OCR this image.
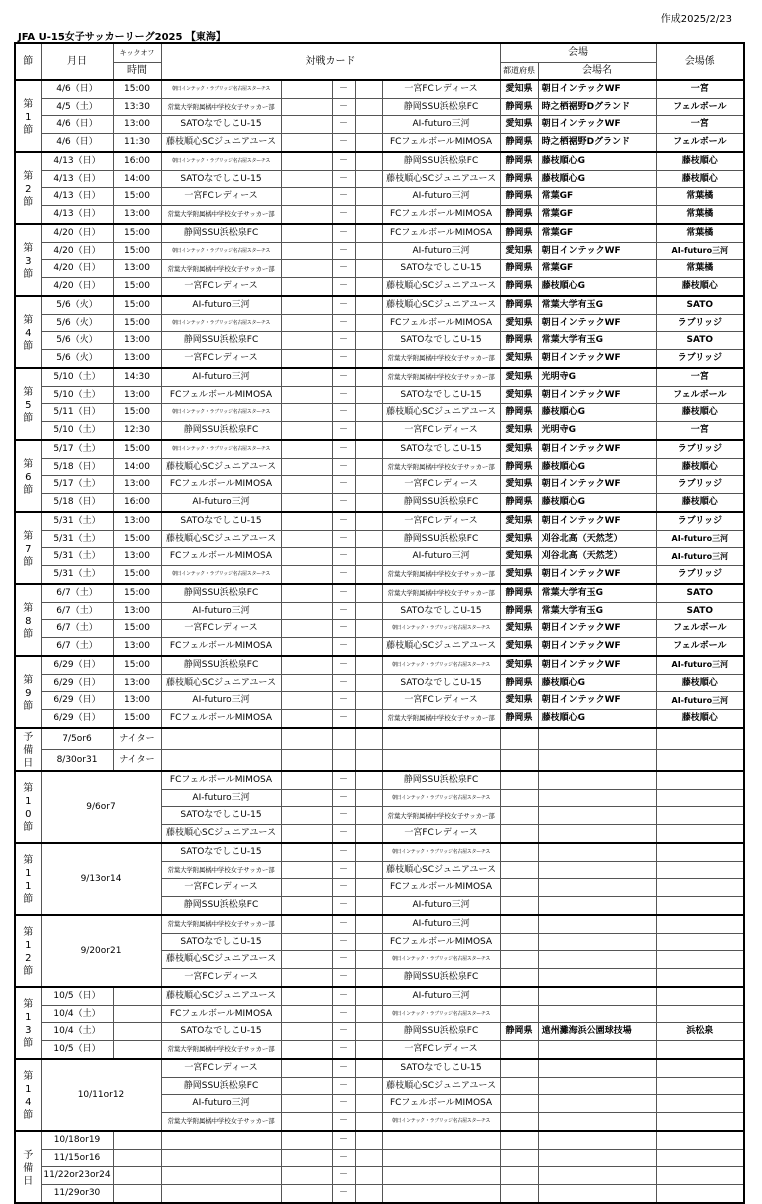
作成2025/2/23
JFA U-15女子サッカーリーグ2025 【東海】
節	月日	キックオフ	対戦カード					会場		会場係
		時間						都道府県	会場名	

第
1
節	4/6（日）	15:00	朝日インテック・ラブリッジ名古屋スターチス		－		一宮FCレディース	愛知県	朝日インテックWF	一宮
	4/5（土）	13:30	常葉大学附属橘中学校女子サッカー部		－		静岡SSU浜松泉FC	静岡県	時之栖裾野Dグランド	フェルボール
	4/6（日）	13:00	SATOなでしこU-15		－		AI-futuro三河	愛知県	朝日インテックWF	一宮
	4/6（日）	11:30	藤枝順心SCジュニアユース		－		FCフェルボールMIMOSA	静岡県	時之栖裾野Dグランド	フェルボール

第
2
節	4/13（日）	16:00	朝日インテック・ラブリッジ名古屋スターチス		－		静岡SSU浜松泉FC	静岡県	藤枝順心G	藤枝順心
	4/13（日）	14:00	SATOなでしこU-15		－		藤枝順心SCジュニアユース	静岡県	藤枝順心G	藤枝順心
	4/13（日）	15:00	一宮FCレディース		－		AI-futuro三河	静岡県	常葉GF	常葉橘
	4/13（日）	13:00	常葉大学附属橘中学校女子サッカー部		－		FCフェルボールMIMOSA	静岡県	常葉GF	常葉橘

第
3
節	4/20（日）	15:00	静岡SSU浜松泉FC		－		FCフェルボールMIMOSA	静岡県	常葉GF	常葉橘
	4/20（日）	15:00	朝日インテック・ラブリッジ名古屋スターチス		－		AI-futuro三河	愛知県	朝日インテックWF	AI-futuro三河
	4/20（日）	13:00	常葉大学附属橘中学校女子サッカー部		－		SATOなでしこU-15	静岡県	常葉GF	常葉橘
	4/20（日）	15:00	一宮FCレディース		－		藤枝順心SCジュニアユース	静岡県	藤枝順心G	藤枝順心

第
4
節	5/6（火）	15:00	AI-futuro三河		－		藤枝順心SCジュニアユース	静岡県	常葉大学有玉G	SATO
	5/6（火）	15:00	朝日インテック・ラブリッジ名古屋スターチス		－		FCフェルボールMIMOSA	愛知県	朝日インテックWF	ラブリッジ
	5/6（火）	13:00	静岡SSU浜松泉FC		－		SATOなでしこU-15	静岡県	常葉大学有玉G	SATO
	5/6（火）	13:00	一宮FCレディース		－		常葉大学附属橘中学校女子サッカー部	愛知県	朝日インテックWF	ラブリッジ

第
5
節	5/10（土）	14:30	AI-futuro三河		－		常葉大学附属橘中学校女子サッカー部	愛知県	光明寺G	一宮
	5/10（土）	13:00	FCフェルボールMIMOSA		－		SATOなでしこU-15	愛知県	朝日インテックWF	フェルボール
	5/11（日）	15:00	朝日インテック・ラブリッジ名古屋スターチス		－		藤枝順心SCジュニアユース	静岡県	藤枝順心G	藤枝順心
	5/10（土）	12:30	静岡SSU浜松泉FC		－		一宮FCレディース	愛知県	光明寺G	一宮

第
6
節	5/17（土）	15:00	朝日インテック・ラブリッジ名古屋スターチス		－		SATOなでしこU-15	愛知県	朝日インテックWF	ラブリッジ
	5/18（日）	14:00	藤枝順心SCジュニアユース		－		常葉大学附属橘中学校女子サッカー部	静岡県	藤枝順心G	藤枝順心
	5/17（土）	13:00	FCフェルボールMIMOSA		－		一宮FCレディース	愛知県	朝日インテックWF	ラブリッジ
	5/18（日）	16:00	AI-futuro三河		－		静岡SSU浜松泉FC	静岡県	藤枝順心G	藤枝順心

第
7
節	5/31（土）	13:00	SATOなでしこU-15		－		一宮FCレディース	愛知県	朝日インテックWF	ラブリッジ
	5/31（土）	15:00	藤枝順心SCジュニアユース		－		静岡SSU浜松泉FC	愛知県	刈谷北高（天然芝）	AI-futuro三河
	5/31（土）	13:00	FCフェルボールMIMOSA		－		AI-futuro三河	愛知県	刈谷北高（天然芝）	AI-futuro三河
	5/31（土）	15:00	朝日インテック・ラブリッジ名古屋スターチス		－		常葉大学附属橘中学校女子サッカー部	愛知県	朝日インテックWF	ラブリッジ

第
8
節	6/7（土）	15:00	静岡SSU浜松泉FC		－		常葉大学附属橘中学校女子サッカー部	静岡県	常葉大学有玉G	SATO
	6/7（土）	13:00	AI-futuro三河		－		SATOなでしこU-15	静岡県	常葉大学有玉G	SATO
	6/7（土）	15:00	一宮FCレディース		－		朝日インテック・ラブリッジ名古屋スターチス	愛知県	朝日インテックWF	フェルボール
	6/7（土）	13:00	FCフェルボールMIMOSA		－		藤枝順心SCジュニアユース	愛知県	朝日インテックWF	フェルボール

第
9
節	6/29（日）	15:00	静岡SSU浜松泉FC		－		朝日インテック・ラブリッジ名古屋スターチス	愛知県	朝日インテックWF	AI-futuro三河
	6/29（日）	13:00	藤枝順心SCジュニアユース		－		SATOなでしこU-15	静岡県	藤枝順心G	藤枝順心
	6/29（日）	13:00	AI-futuro三河		－		一宮FCレディース	愛知県	朝日インテックWF	AI-futuro三河
	6/29（日）	15:00	FCフェルボールMIMOSA		－		常葉大学附属橘中学校女子サッカー部	静岡県	藤枝順心G	藤枝順心

予
備
日	7/5or6	ナイター								
	8/30or31	ナイター								

第
1
0
節	9/6or7		FCフェルボールMIMOSA		－		静岡SSU浜松泉FC			
			AI-futuro三河		－		朝日インテック・ラブリッジ名古屋スターチス			
			SATOなでしこU-15		－		常葉大学附属橘中学校女子サッカー部			
			藤枝順心SCジュニアユース		－		一宮FCレディース			

第
1
1
節	9/13or14		SATOなでしこU-15		－		朝日インテック・ラブリッジ名古屋スターチス			
			常葉大学附属橘中学校女子サッカー部		－		藤枝順心SCジュニアユース			
			一宮FCレディース		－		FCフェルボールMIMOSA			
			静岡SSU浜松泉FC		－		AI-futuro三河			

第
1
2
節	9/20or21		常葉大学附属橘中学校女子サッカー部		－		AI-futuro三河			
			SATOなでしこU-15		－		FCフェルボールMIMOSA			
			藤枝順心SCジュニアユース		－		朝日インテック・ラブリッジ名古屋スターチス			
			一宮FCレディース		－		静岡SSU浜松泉FC			

第
1
3
節	10/5（日）		藤枝順心SCジュニアユース		－		AI-futuro三河			
	10/4（土）		FCフェルボールMIMOSA		－		朝日インテック・ラブリッジ名古屋スターチス			
	10/4（土）		SATOなでしこU-15		－		静岡SSU浜松泉FC	静岡県	遠州灘海浜公園球技場	浜松泉
	10/5（日）		常葉大学附属橘中学校女子サッカー部		－		一宮FCレディース			

第
1
4
節	10/11or12		一宮FCレディース		－		SATOなでしこU-15			
			静岡SSU浜松泉FC		－		藤枝順心SCジュニアユース			
			AI-futuro三河		－		FCフェルボールMIMOSA			
			常葉大学附属橘中学校女子サッカー部		－		朝日インテック・ラブリッジ名古屋スターチス			

予
備
日	10/18or19				－					
	11/15or16				－					
	11/22or23or24				－					
	11/29or30				－					
